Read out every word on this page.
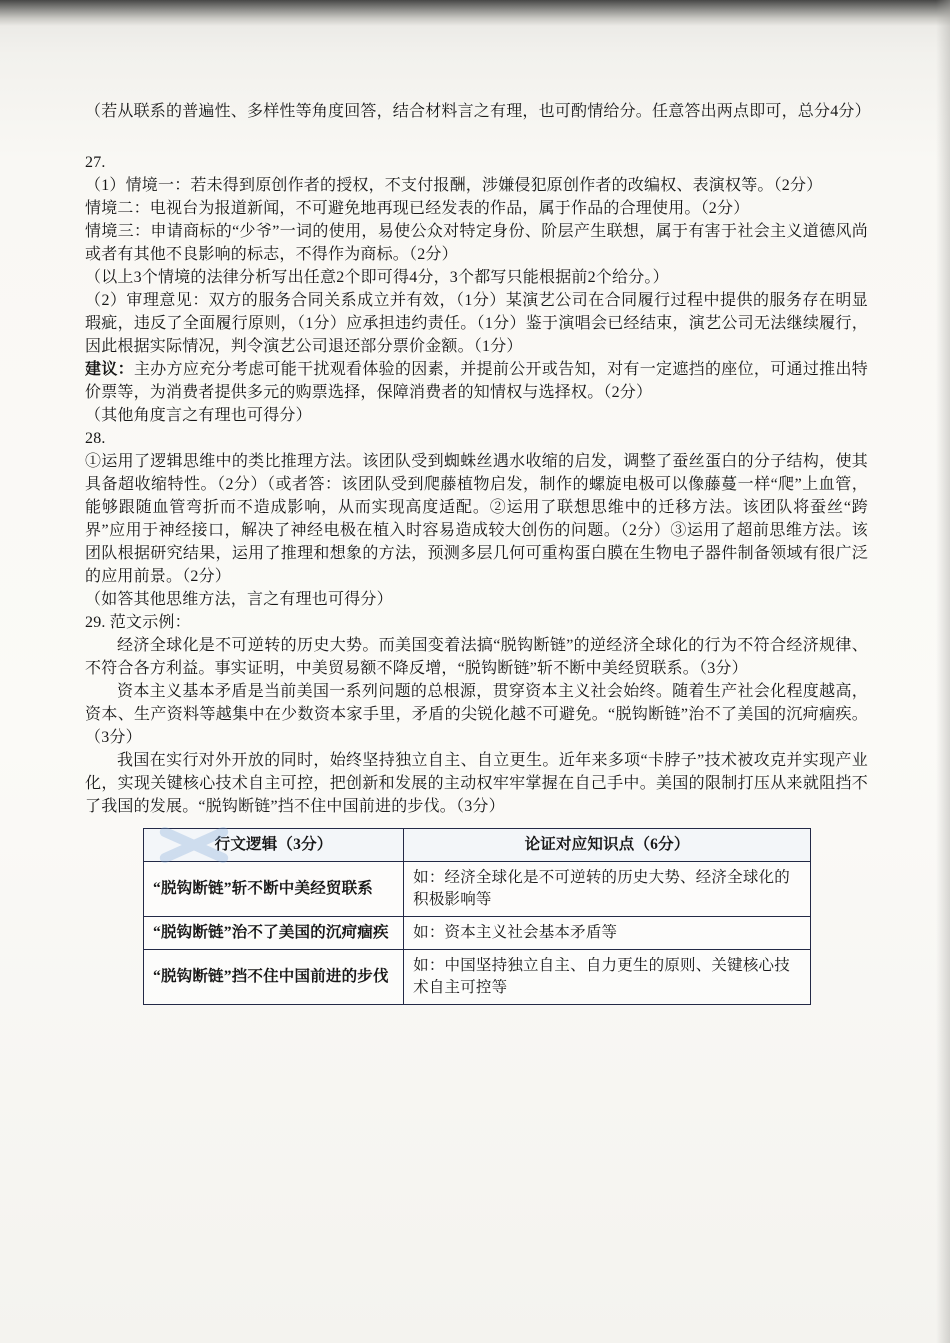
（若从联系的普遍性、多样性等角度回答，结合材料言之有理，也可酌情给分。任意答出两点即可，总分4分）

27.

（1）情境一：若未得到原创作者的授权，不支付报酬，涉嫌侵犯原创作者的改编权、表演权等。（2分）

情境二：电视台为报道新闻，不可避免地再现已经发表的作品，属于作品的合理使用。（2分）

情境三：申请商标的“少爷”一词的使用，易使公众对特定身份、阶层产生联想，属于有害于社会主义道德风尚或者有其他不良影响的标志，不得作为商标。（2分）

（以上3个情境的法律分析写出任意2个即可得4分，3个都写只能根据前2个给分。）

（2）审理意见：双方的服务合同关系成立并有效，（1分）某演艺公司在合同履行过程中提供的服务存在明显瑕疵，违反了全面履行原则，（1分）应承担违约责任。（1分）鉴于演唱会已经结束，演艺公司无法继续履行，因此根据实际情况，判令演艺公司退还部分票价金额。（1分）

建议：主办方应充分考虑可能干扰观看体验的因素，并提前公开或告知，对有一定遮挡的座位，可通过推出特价票等，为消费者提供多元的购票选择，保障消费者的知情权与选择权。（2分）

（其他角度言之有理也可得分）

28.

①运用了逻辑思维中的类比推理方法。该团队受到蜘蛛丝遇水收缩的启发，调整了蚕丝蛋白的分子结构，使其具备超收缩特性。（2分）（或者答：该团队受到爬藤植物启发，制作的螺旋电极可以像藤蔓一样“爬”上血管，能够跟随血管弯折而不造成影响，从而实现高度适配。②运用了联想思维中的迁移方法。该团队将蚕丝“跨界”应用于神经接口，解决了神经电极在植入时容易造成较大创伤的问题。（2分）③运用了超前思维方法。该团队根据研究结果，运用了推理和想象的方法，预测多层几何可重构蛋白膜在生物电子器件制备领域有很广泛的应用前景。（2分）

（如答其他思维方法，言之有理也可得分）

29. 范文示例：

经济全球化是不可逆转的历史大势。而美国变着法搞“脱钩断链”的逆经济全球化的行为不符合经济规律、不符合各方利益。事实证明，中美贸易额不降反增，“脱钩断链”斩不断中美经贸联系。（3分）

资本主义基本矛盾是当前美国一系列问题的总根源，贯穿资本主义社会始终。随着生产社会化程度越高，资本、生产资料等越集中在少数资本家手里，矛盾的尖锐化越不可避免。“脱钩断链”治不了美国的沉疴痼疾。（3分）

我国在实行对外开放的同时，始终坚持独立自主、自立更生。近年来多项“卡脖子”技术被攻克并实现产业化，实现关键核心技术自主可控，把创新和发展的主动权牢牢掌握在自己手中。美国的限制打压从来就阻挡不了我国的发展。“脱钩断链”挡不住中国前进的步伐。（3分）

行文逻辑（3分）	论证对应知识点（6分）
“脱钩断链”斩不断中美经贸联系	如：经济全球化是不可逆转的历史大势、经济全球化的积极影响等
“脱钩断链”治不了美国的沉疴痼疾	如：资本主义社会基本矛盾等
“脱钩断链”挡不住中国前进的步伐	如：中国坚持独立自主、自力更生的原则、关键核心技术自主可控等
